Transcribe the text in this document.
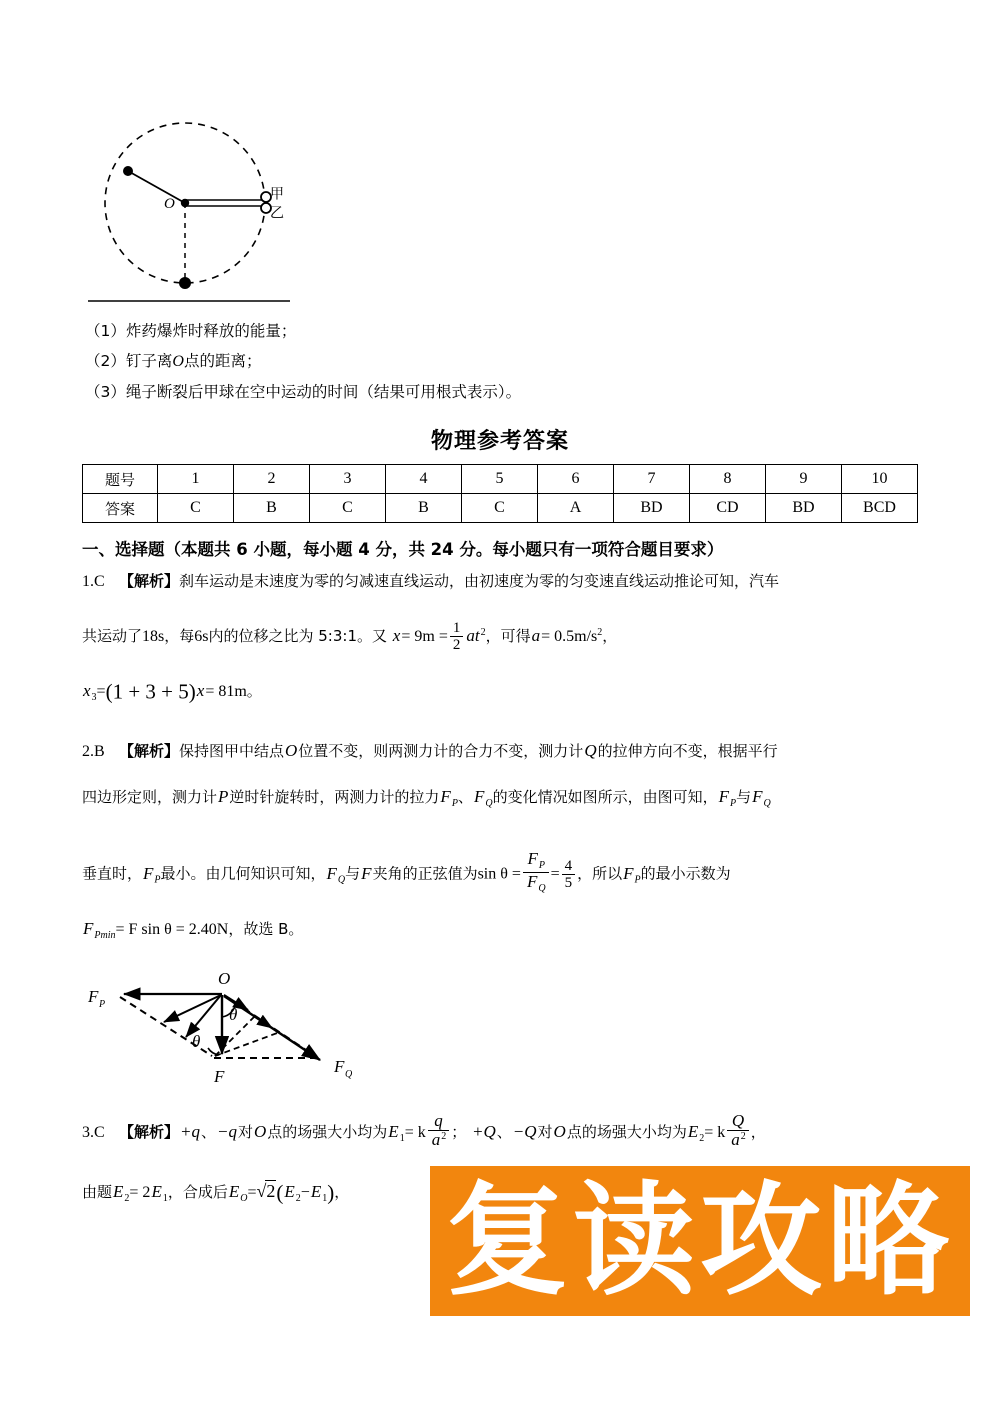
O
甲
乙
（1）炸药爆炸时释放的能量；
（2）钉子离O点的距离；
（3）绳子断裂后甲球在空中运动的时间（结果可用根式表示）。
物理参考答案
题号	1	2	3	4	5	6	7	8	9	10
答案	C	B	C	B	C	A	BD	CD	BD	BCD
一、选择题（本题共 6 小题，每小题 4 分，共 24 分。每小题只有一项符合题目要求）
1.C 【解析】刹车运动是末速度为零的匀减速直线运动，由初速度为零的匀变速直线运动推论可知，汽车
共运动了18s，每6s内的位移之比为 5:3:1。又 $x= 9m = \frac{1}{2} at^2$，可得$a= 0.5m/s^2$，
$x_3=(1 + 3 + 5)x= 81m$。
2.B 【解析】保持图甲中结点O位置不变，则两测力计的合力不变，测力计Q的拉伸方向不变，根据平行
四边形定则，测力计P逆时针旋转时，两测力计的拉力$F_P$、$F_Q$的变化情况如图所示，由图可知，$F_P$与$F_Q$
垂直时，$F_P$最小。由几何知识可知，$F_Q$与F夹角的正弦值为$\sin \theta = \frac{F_P}{F_Q} = \frac{4}{5}$ ，所以$F_P$的最小示数为
$F_{Pmin}= F$ sin θ = 2.40N，故选 B。
O
F
F P
F Q
θ
θ
3.C 【解析】+q、−q对O点的场强大小均为$E_1= k \frac{q}{a^2}$ ； +Q、−Q对O点的场强大小均为$E_2= k \frac{Q}{a^2}$ ，
由题$E_2= 2E_1$，合成后$E_O=√2(E_2-E_1)$， 复读攻略
